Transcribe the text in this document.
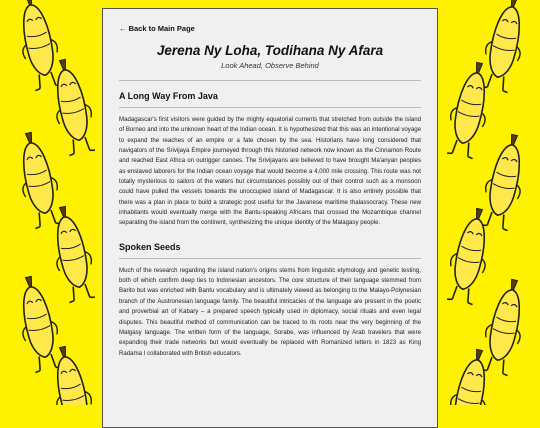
← Back to Main Page
Jerena Ny Loha, Todihana Ny Afara
Look Ahead, Observe Behind
A Long Way From Java

Madagascar's first visitors were guided by the mighty equatorial currents that stretched from outside the island of Borneo and into the unknown heart of the Indian ocean. It is hypothesized that this was an intentional voyage to expand the reaches of an empire or a fate chosen by the sea. Historians have long considered that navigators of the Srivijaya Empire journeyed through this historied network now known as the Cinnamon Route and reached East Africa on outrigger canoes. The Srivijayans are believed to have brought Ma'anyan peoples as enslaved laborers for the Indian ocean voyage that would become a 4,000 mile crossing. This route was not totally mysterious to sailors of the waters but circumstances possibly out of their control such as a monsoon could have pulled the vessels towards the unoccupied island of Madagascar. It is also entirely possible that there was a plan in place to build a strategic post useful for the Javanese maritime thalassocracy. These new inhabitants would eventually merge with the Bantu-speaking Africans that crossed the Mozambique channel separating the island from the continent, synthesizing the unique identity of the Malagasy people.

Spoken Seeds

Much of the research regarding the island nation's origins stems from linguistic etymology and genetic testing, both of which confirm deep ties to Indonesian ancestors. The core structure of their language stemmed from Barito but was enriched with Bantu vocabulary and is ultimately viewed as belonging to the Malayo-Polynesian branch of the Austronesian language family. The beautiful intricacies of the language are present in the poetic and proverbial art of Kabary – a prepared speech typically used in diplomacy, social rituals and even legal disputes. This beautiful method of communication can be traced to its roots near the very beginning of the Malgasy language. The written form of the language, Sorabe, was influenced by Arab travelers that were expanding their trade networks but would eventually be replaced with Romanized letters in 1823 as King Radama I collaborated with British educators.
